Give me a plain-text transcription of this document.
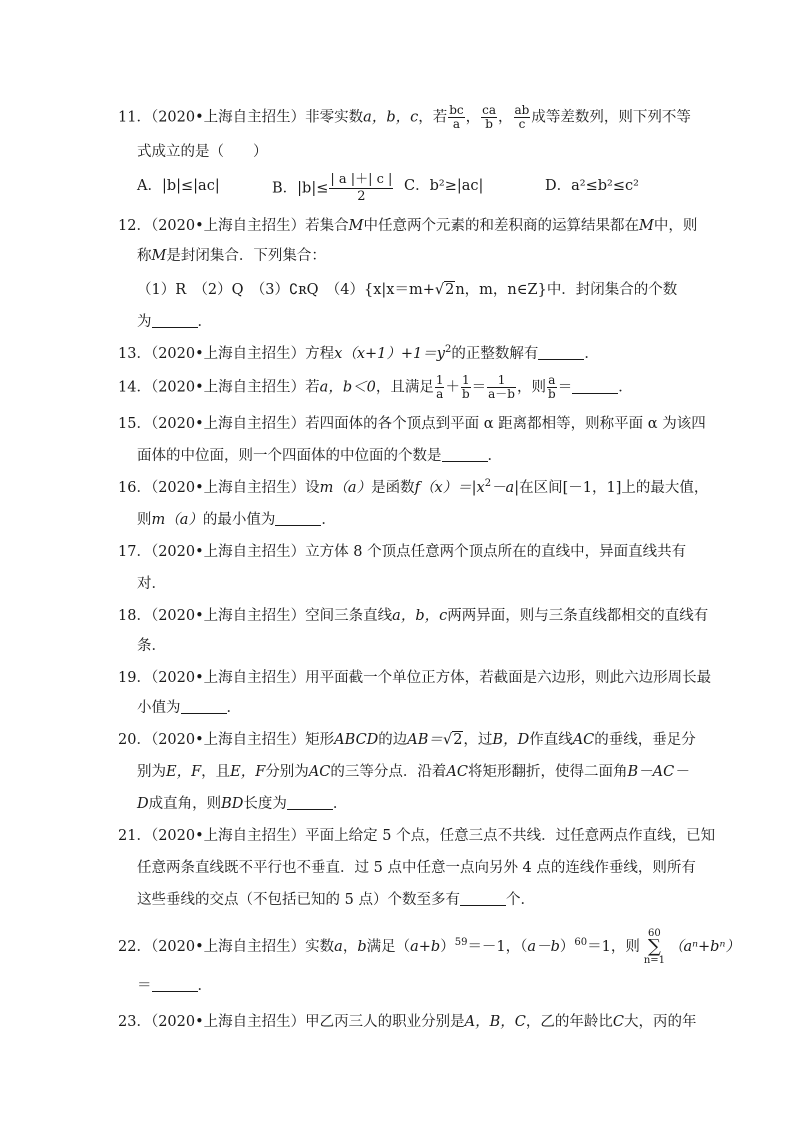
11．（2020•上海自主招生）非零实数a，b，c，若 $\frac{bc}{a}$ ， $\frac{ca}{b}$ ， $\frac{ab}{c}$ 成等差数列，则下列不等
式成立的是（　　）
A．|b|≤|ac|	B．$|b|\le \frac{| a |+| c |}{2}$ C．b²≥|ac|	D．a²≤b²≤c²
12．（2020•上海自主招生）若集合M中任意两个元素的和差积商的运算结果都在M中，则
称M是封闭集合．下列集合：
（1）R　（2）Q　（3）∁ʀQ　（4）{x|x＝m+√2n，m，n∈Z}中．封闭集合的个数
为	．
13．（2020•上海自主招生）方程$x(x+1)+1=y^2$的正整数解有	．
14．（2020•上海自主招生）若a，b＜0，且满足 $\frac{1}{a} + \frac{1}{b} = \frac{1}{a-b}$ ，则 $\frac{a}{b}$ ＝	．
15．（2020•上海自主招生）若四面体的各个顶点到平面 α 距离都相等，则称平面 α 为该四
面体的中位面，则一个四面体的中位面的个数是	．
16．（2020•上海自主招生）设m（a）是函数$f(x)=|x^2-a|$在区间[－1，1]上的最大值，
则m（a）的最小值为	．
17．（2020•上海自主招生）立方体 8 个顶点任意两个顶点所在的直线中，异面直线共有
对．
18．（2020•上海自主招生）空间三条直线a，b，c两两异面，则与三条直线都相交的直线有
条．
19．（2020•上海自主招生）用平面截一个单位正方体，若截面是六边形，则此六边形周长最
小值为	．
20．（2020•上海自主招生）矩形ABCD的边AB＝√2，过B，D作直线AC的垂线，垂足分
别为E，F，且E，F分别为AC的三等分点．沿着AC将矩形翻折，使得二面角B－AC－
D成直角，则BD长度为	．
21．（2020•上海自主招生）平面上给定 5 个点，任意三点不共线．过任意两点作直线，已知
任意两条直线既不平行也不垂直．过 5 点中任意一点向另外 4 点的连线作垂线，则所有
这些垂线的交点（不包括已知的 5 点）个数至多有	个．
22．（2020•上海自主招生）实数a，b满足$(a+b)^{59}=-1$，$(a-b)^{60}=1$，则60
∑
n=1（aⁿ+bⁿ）
＝	．
23．（2020•上海自主招生）甲乙丙三人的职业分别是A，B，C，乙的年龄比C大，丙的年
